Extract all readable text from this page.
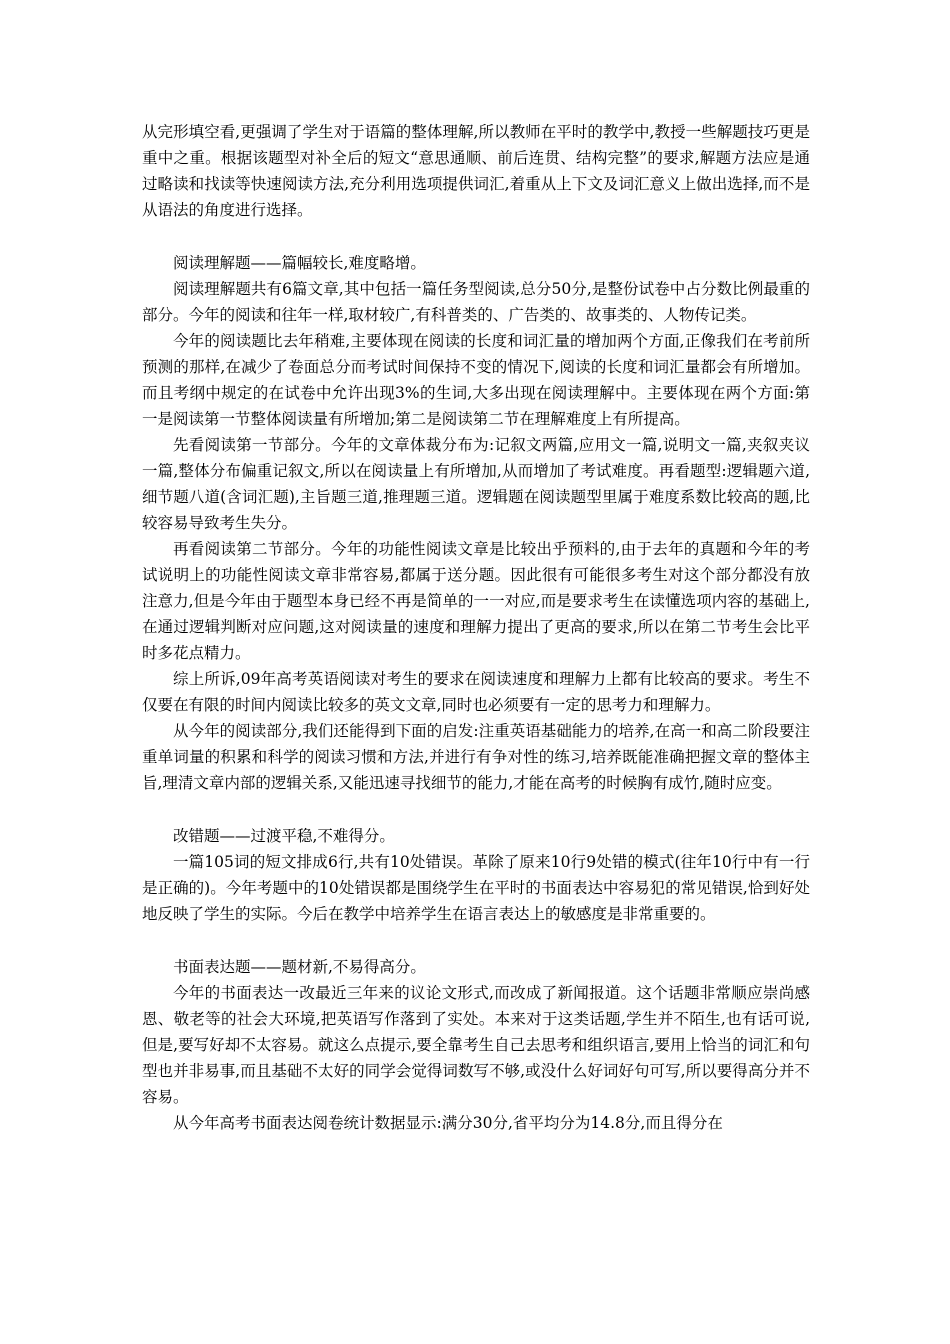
从完形填空看,更强调了学生对于语篇的整体理解,所以教师在平时的教学中,教授一些解题技巧更是重中之重。根据该题型对补全后的短文“意思通顺、前后连贯、结构完整”的要求,解题方法应是通过略读和找读等快速阅读方法,充分利用选项提供词汇,着重从上下文及词汇意义上做出选择,而不是从语法的角度进行选择。

阅读理解题——篇幅较长,难度略增。

阅读理解题共有6篇文章,其中包括一篇任务型阅读,总分50分,是整份试卷中占分数比例最重的部分。今年的阅读和往年一样,取材较广,有科普类的、广告类的、故事类的、人物传记类。

今年的阅读题比去年稍难,主要体现在阅读的长度和词汇量的增加两个方面,正像我们在考前所预测的那样,在减少了卷面总分而考试时间保持不变的情况下,阅读的长度和词汇量都会有所增加。而且考纲中规定的在试卷中允许出现3%的生词,大多出现在阅读理解中。主要体现在两个方面:第一是阅读第一节整体阅读量有所增加;第二是阅读第二节在理解难度上有所提高。

先看阅读第一节部分。今年的文章体裁分布为:记叙文两篇,应用文一篇,说明文一篇,夹叙夹议一篇,整体分布偏重记叙文,所以在阅读量上有所增加,从而增加了考试难度。再看题型:逻辑题六道,细节题八道(含词汇题),主旨题三道,推理题三道。逻辑题在阅读题型里属于难度系数比较高的题,比较容易导致考生失分。

再看阅读第二节部分。今年的功能性阅读文章是比较出乎预料的,由于去年的真题和今年的考试说明上的功能性阅读文章非常容易,都属于送分题。因此很有可能很多考生对这个部分都没有放注意力,但是今年由于题型本身已经不再是简单的一一对应,而是要求考生在读懂选项内容的基础上,在通过逻辑判断对应问题,这对阅读量的速度和理解力提出了更高的要求,所以在第二节考生会比平时多花点精力。

综上所诉,09年高考英语阅读对考生的要求在阅读速度和理解力上都有比较高的要求。考生不仅要在有限的时间内阅读比较多的英文文章,同时也必须要有一定的思考力和理解力。

从今年的阅读部分,我们还能得到下面的启发:注重英语基础能力的培养,在高一和高二阶段要注重单词量的积累和科学的阅读习惯和方法,并进行有争对性的练习,培养既能准确把握文章的整体主旨,理清文章内部的逻辑关系,又能迅速寻找细节的能力,才能在高考的时候胸有成竹,随时应变。

改错题——过渡平稳,不难得分。

一篇105词的短文排成6行,共有10处错误。革除了原来10行9处错的模式(往年10行中有一行是正确的)。今年考题中的10处错误都是围绕学生在平时的书面表达中容易犯的常见错误,恰到好处地反映了学生的实际。今后在教学中培养学生在语言表达上的敏感度是非常重要的。

书面表达题——题材新,不易得高分。

今年的书面表达一改最近三年来的议论文形式,而改成了新闻报道。这个话题非常顺应崇尚感恩、敬老等的社会大环境,把英语写作落到了实处。本来对于这类话题,学生并不陌生,也有话可说,但是,要写好却不太容易。就这么点提示,要全靠考生自己去思考和组织语言,要用上恰当的词汇和句型也并非易事,而且基础不太好的同学会觉得词数写不够,或没什么好词好句可写,所以要得高分并不容易。

从今年高考书面表达阅卷统计数据显示:满分30分,省平均分为14.8分,而且得分在
